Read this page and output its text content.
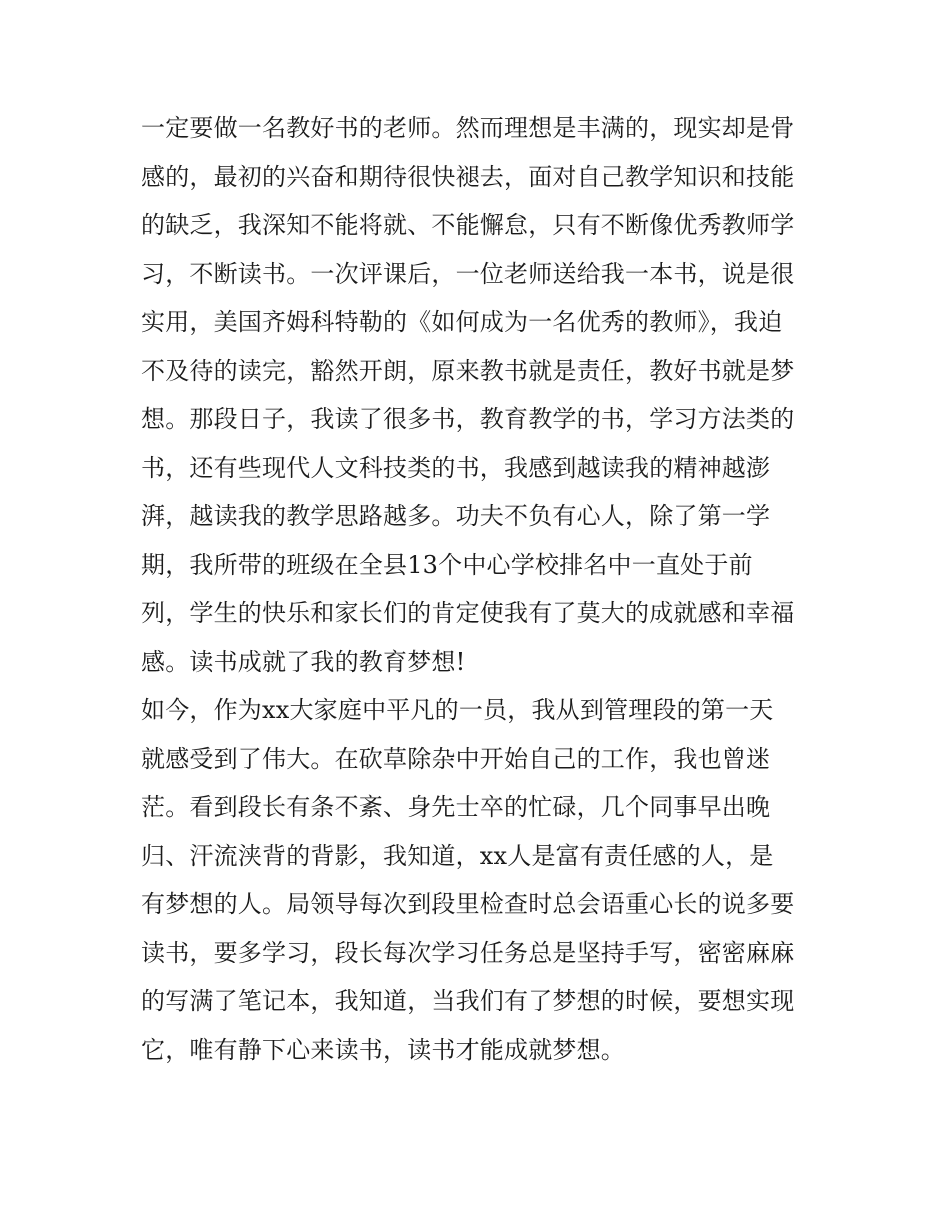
一定要做一名教好书的老师。然而理想是丰满的，现实却是骨
感的，最初的兴奋和期待很快褪去，面对自己教学知识和技能
的缺乏，我深知不能将就、不能懈怠，只有不断像优秀教师学
习，不断读书。一次评课后，一位老师送给我一本书，说是很
实用，美国齐姆科特勒的《如何成为一名优秀的教师》，我迫
不及待的读完，豁然开朗，原来教书就是责任，教好书就是梦
想。那段日子，我读了很多书，教育教学的书，学习方法类的
书，还有些现代人文科技类的书，我感到越读我的精神越澎
湃，越读我的教学思路越多。功夫不负有心人，除了第一学
期，我所带的班级在全县13个中心学校排名中一直处于前
列，学生的快乐和家长们的肯定使我有了莫大的成就感和幸福
感。读书成就了我的教育梦想!
如今，作为xx大家庭中平凡的一员，我从到管理段的第一天
就感受到了伟大。在砍草除杂中开始自己的工作，我也曾迷
茫。看到段长有条不紊、身先士卒的忙碌，几个同事早出晚
归、汗流浃背的背影，我知道，xx人是富有责任感的人，是
有梦想的人。局领导每次到段里检查时总会语重心长的说多要
读书，要多学习，段长每次学习任务总是坚持手写，密密麻麻
的写满了笔记本，我知道，当我们有了梦想的时候，要想实现
它，唯有静下心来读书，读书才能成就梦想。
